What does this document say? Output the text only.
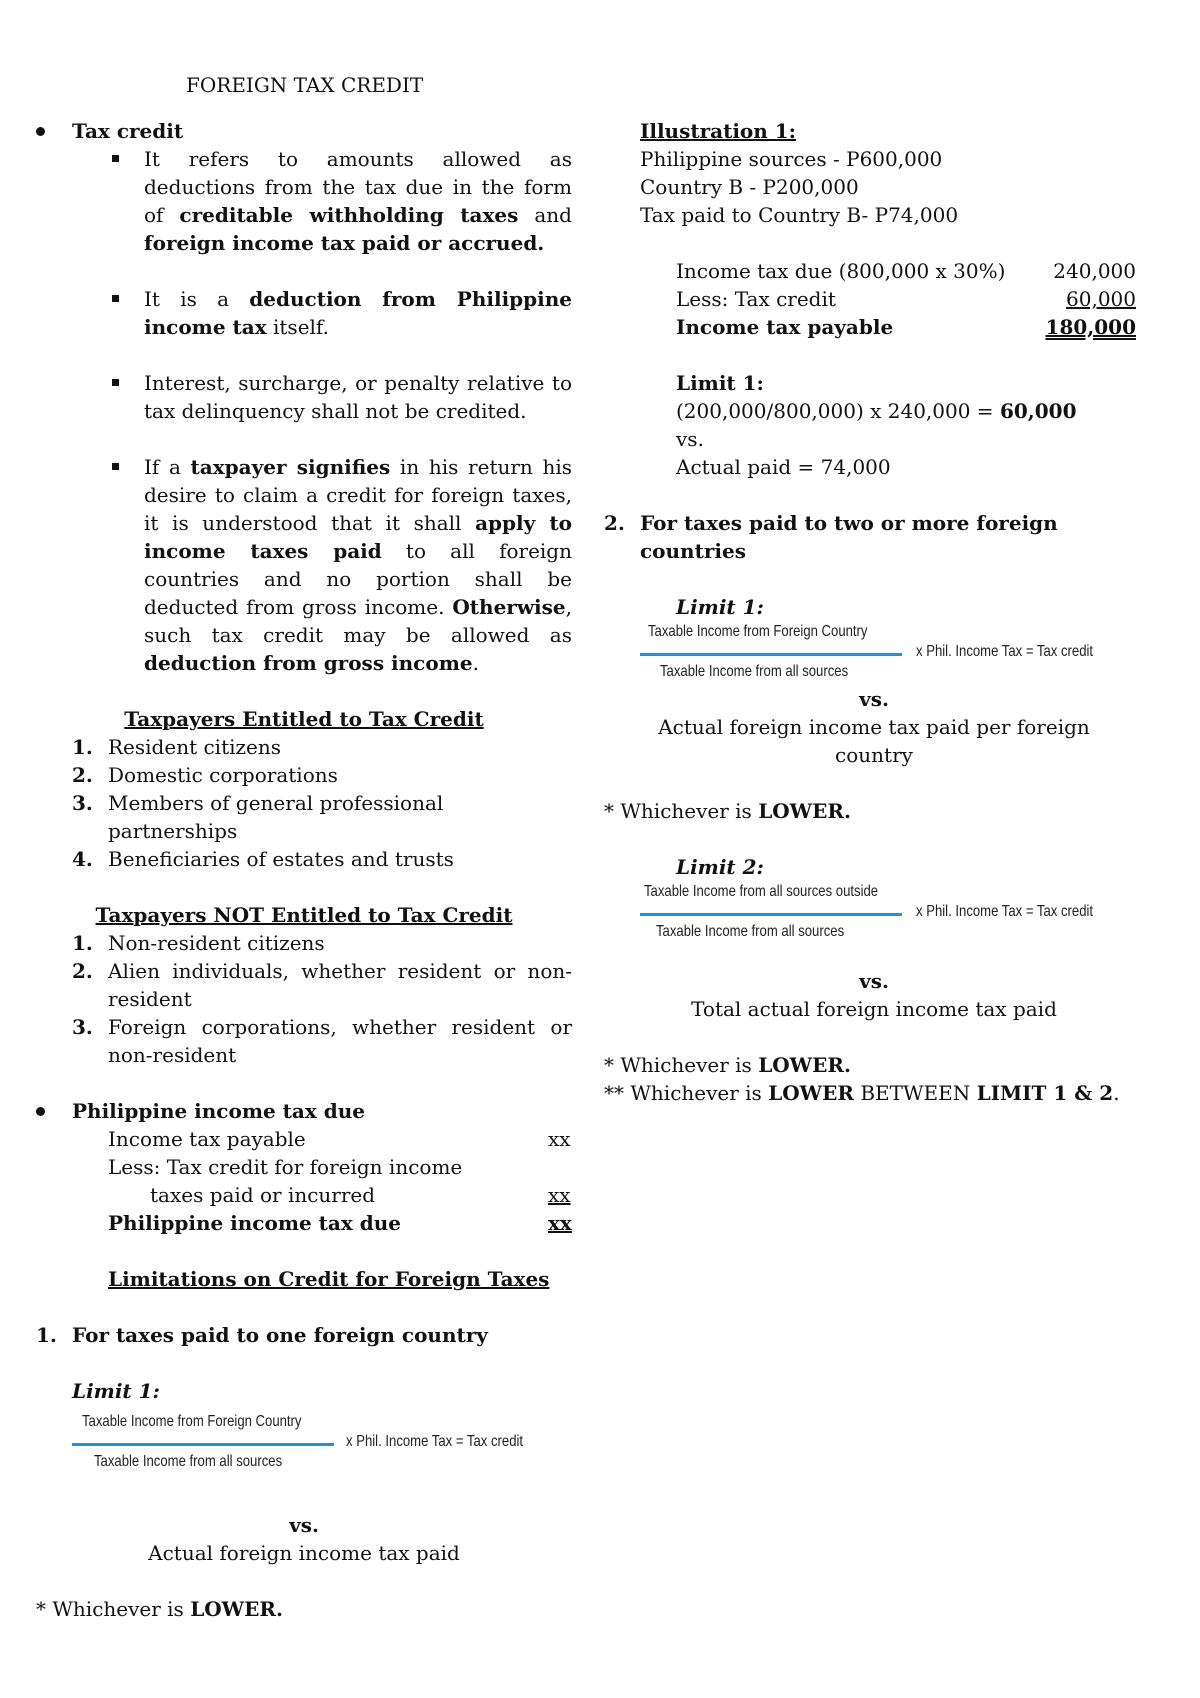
FOREIGN TAX CREDIT
Tax credit
It refers to amounts allowed as deductions from the tax due in the form of creditable withholding taxes and foreign income tax paid or accrued.
It is a deduction from Philippine income tax itself.
Interest, surcharge, or penalty relative to tax delinquency shall not be credited.
If a taxpayer signifies in his return his desire to claim a credit for foreign taxes, it is understood that it shall apply to income taxes paid to all foreign countries and no portion shall be deducted from gross income. Otherwise, such tax credit may be allowed as deduction from gross income.
Taxpayers Entitled to Tax Credit
1. Resident citizens
2. Domestic corporations
3. Members of general professional partnerships
4. Beneficiaries of estates and trusts
Taxpayers NOT Entitled to Tax Credit
1. Non-resident citizens
2. Alien individuals, whether resident or non-resident
3. Foreign corporations, whether resident or non-resident
Philippine income tax due
Income tax payable	xx
Less: Tax credit for foreign income	
taxes paid or incurred	xx
Philippine income tax due	xx
Limitations on Credit for Foreign Taxes
1. For taxes paid to one foreign country
Limit 1:
Taxable Income from Foreign Country
Taxable Income from all sources
x Phil. Income Tax = Tax credit
vs.
Actual foreign income tax paid
* Whichever is LOWER.
Illustration 1:
Philippine sources - P600,000
Country B - P200,000
Tax paid to Country B- P74,000
Income tax due (800,000 x 30%)	240,000
Less: Tax credit	60,000
Income tax payable	180,000
Limit 1:
(200,000/800,000) x 240,000 = 60,000
vs.
Actual paid = 74,000
2. For taxes paid to two or more foreign countries
Limit 1:
Taxable Income from Foreign Country
Taxable Income from all sources
x Phil. Income Tax = Tax credit
vs.
Actual foreign income tax paid per foreign country
* Whichever is LOWER.
Limit 2:
Taxable Income from all sources outside
Taxable Income from all sources
x Phil. Income Tax = Tax credit
vs.
Total actual foreign income tax paid
* Whichever is LOWER.
** Whichever is LOWER BETWEEN LIMIT 1 & 2.
